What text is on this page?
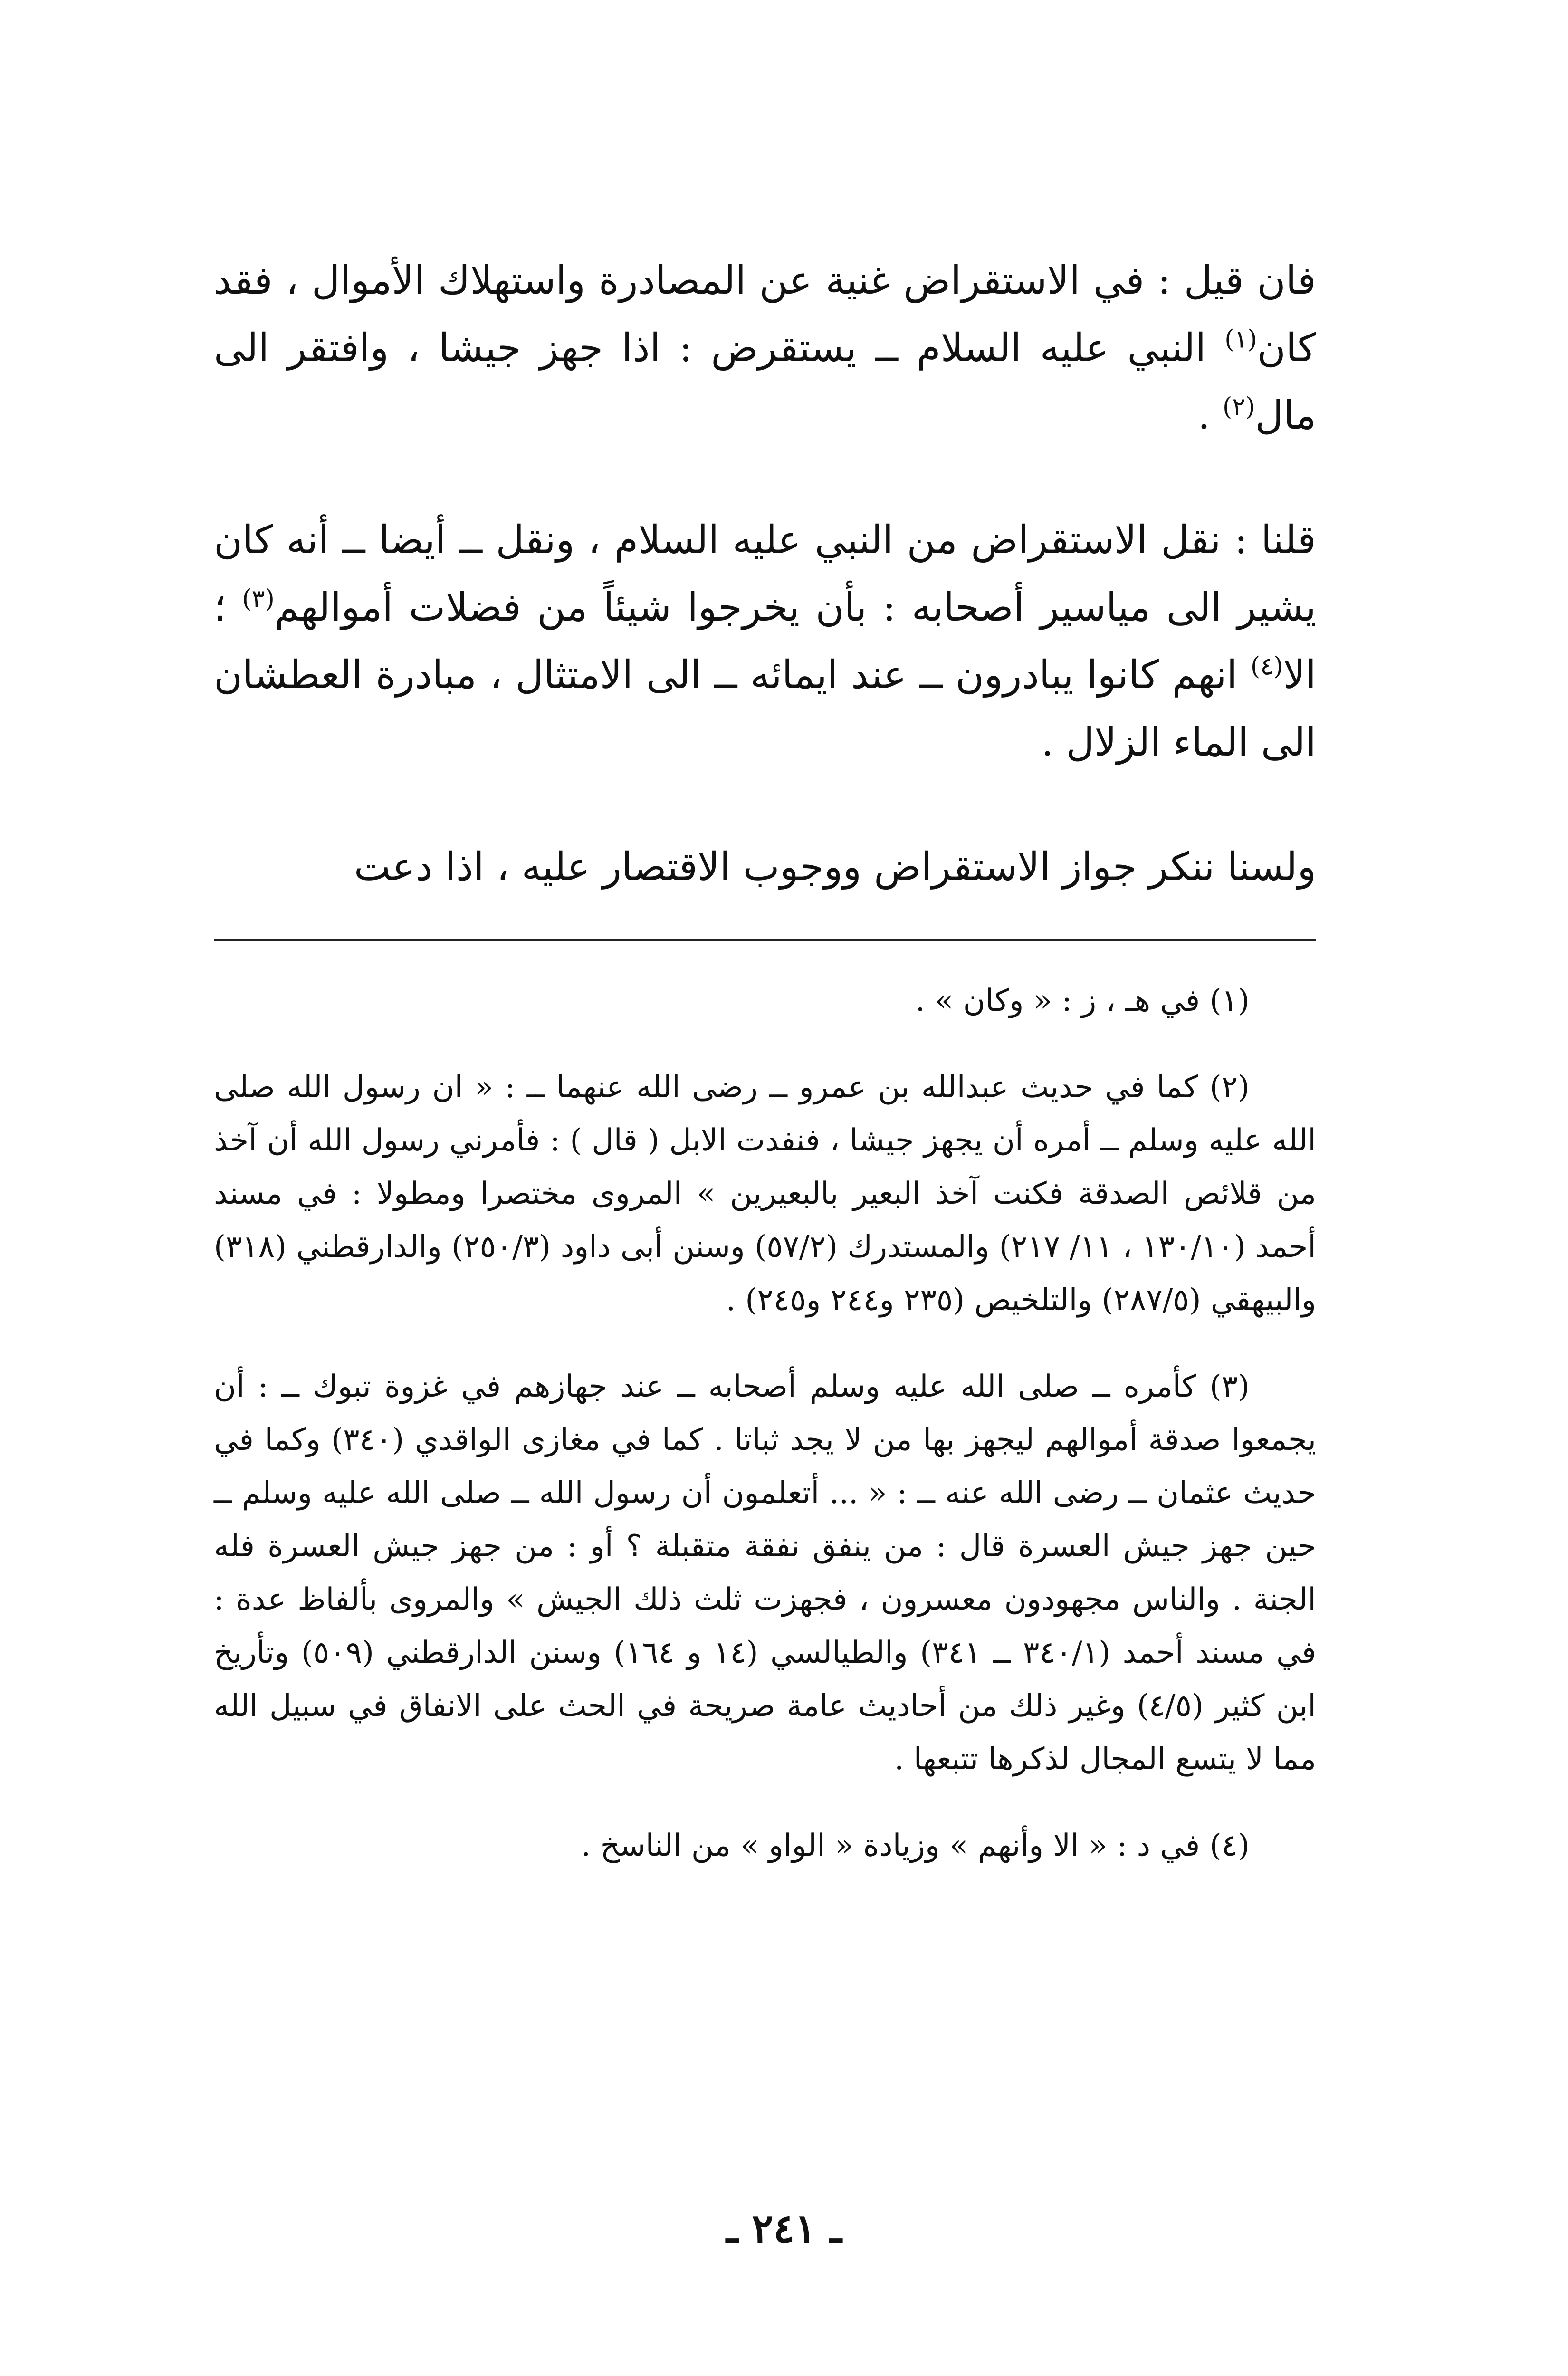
فان قيل : في الاستقراض غنية عن المصادرة واستهلاك الأموال ، فقد كان$^{(١)}$ النبي عليه السلام ــ يستقرض : اذا جهز جيشا ، وافتقر الى مال$^{(٢)}$ .

قلنا : نقل الاستقراض من النبي عليه السلام ، ونقل ــ أيضا ــ أنه كان يشير الى مياسير أصحابه : بأن يخرجوا شيئاً من فضلات أموالهم$^{(٣)}$ ؛ الا$^{(٤)}$ انهم كانوا يبادرون ــ عند ايمائه ــ الى الامتثال ، مبادرة العطشان الى الماء الزلال .

ولسنا ننكر جواز الاستقراض ووجوب الاقتصار عليه ، اذا دعت

(١) في هـ ، ز : « وكان » .

(٢) كما في حديث عبدالله بن عمرو ــ رضى الله عنهما ــ : « ان رسول الله صلى الله عليه وسلم ــ أمره أن يجهز جيشا ، فنفدت الابل ( قال ) : فأمرني رسول الله أن آخذ من قلائص الصدقة فكنت آخذ البعير بالبعيرين » المروى مختصرا ومطولا : في مسند أحمد (١٣٠/١٠ ، ١١/ ٢١٧) والمستدرك (٥٧/٢) وسنن أبى داود (٢٥٠/٣) والدارقطني (٣١٨) والبيهقي (٢٨٧/٥) والتلخيص (٢٣٥ و٢٤٤ و٢٤٥) .

(٣) كأمره ــ صلى الله عليه وسلم أصحابه ــ عند جهازهم في غزوة تبوك ــ : أن يجمعوا صدقة أموالهم ليجهز بها من لا يجد ثباتا . كما في مغازى الواقدي (٣٤٠) وكما في حديث عثمان ــ رضى الله عنه ــ : « ... أتعلمون أن رسول الله ــ صلى الله عليه وسلم ــ حين جهز جيش العسرة قال : من ينفق نفقة متقبلة ؟ أو : من جهز جيش العسرة فله الجنة . والناس مجهودون معسرون ، فجهزت ثلث ذلك الجيش » والمروى بألفاظ عدة : في مسند أحمد (٣٤٠/١ ــ ٣٤١) والطيالسي (١٤ و ١٦٤) وسنن الدارقطني (٥٠٩) وتأريخ ابن كثير (٤/٥) وغير ذلك من أحاديث عامة صريحة في الحث على الانفاق في سبيل الله مما لا يتسع المجال لذكرها تتبعها .

(٤) في د : « الا وأنهم » وزيادة « الواو » من الناسخ .

ـ ٢٤١ ـ
